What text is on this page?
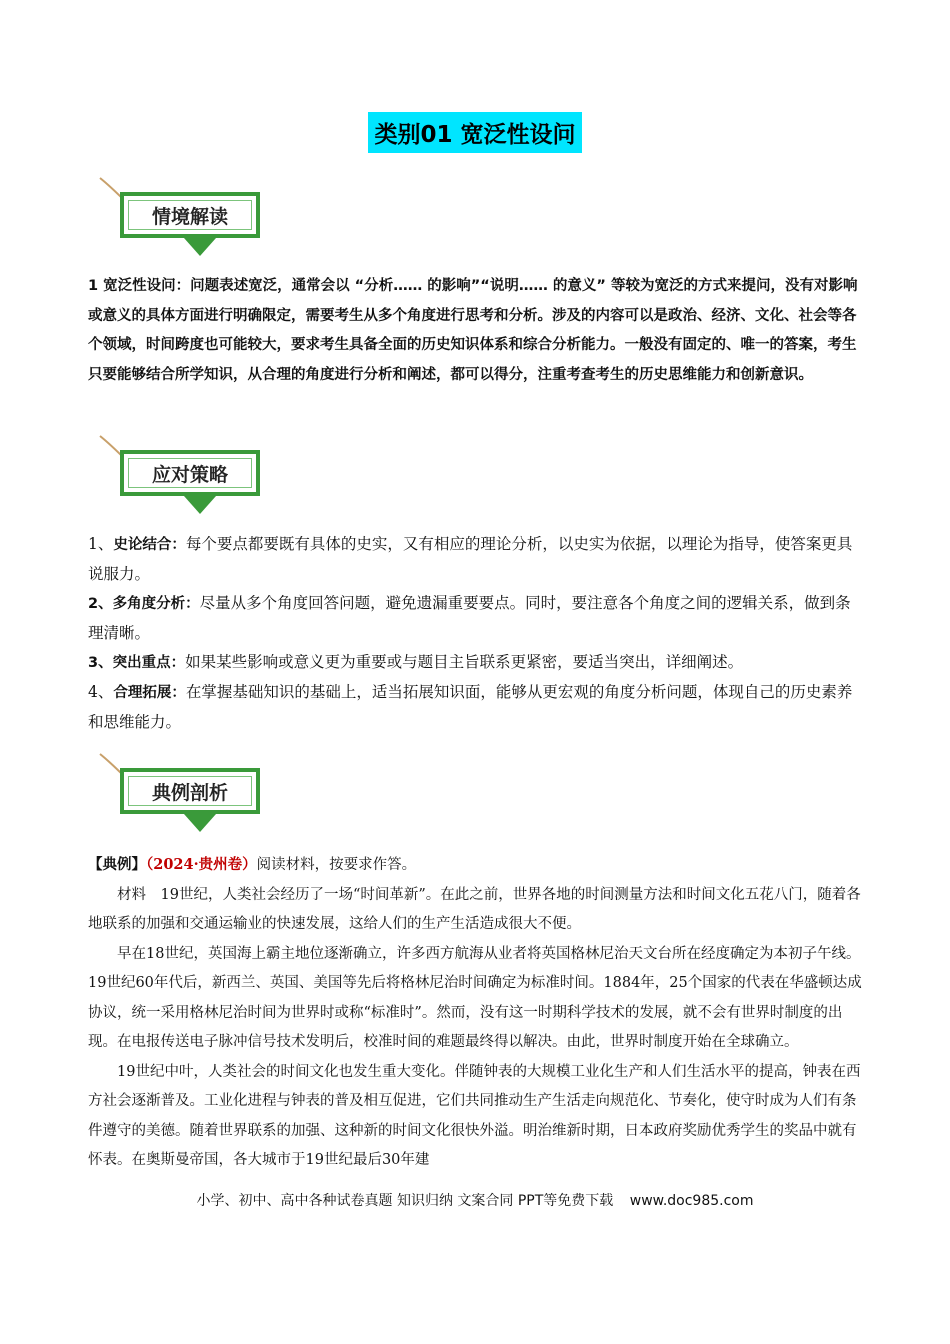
类别01 宽泛性设问
情境解读
1 宽泛性设问：问题表述宽泛，通常会以 “分析…… 的影响”“说明…… 的意义” 等较为宽泛的方式来提问，没有对影响或意义的具体方面进行明确限定，需要考生从多个角度进行思考和分析。涉及的内容可以是政治、经济、文化、社会等各个领域，时间跨度也可能较大，要求考生具备全面的历史知识体系和综合分析能力。一般没有固定的、唯一的答案，考生只要能够结合所学知识，从合理的角度进行分析和阐述，都可以得分，注重考查考生的历史思维能力和创新意识。
应对策略

1、史论结合：每个要点都要既有具体的史实，又有相应的理论分析，以史实为依据，以理论为指导，使答案更具说服力。

2、多角度分析：尽量从多个角度回答问题，避免遗漏重要要点。同时，要注意各个角度之间的逻辑关系，做到条理清晰。

3、突出重点：如果某些影响或意义更为重要或与题目主旨联系更紧密，要适当突出，详细阐述。

4、合理拓展：在掌握基础知识的基础上，适当拓展知识面，能够从更宏观的角度分析问题，体现自己的历史素养和思维能力。

典例剖析

【典例】（2024·贵州卷）阅读材料，按要求作答。

材料　19世纪，人类社会经历了一场“时间革新”。在此之前，世界各地的时间测量方法和时间文化五花八门，随着各地联系的加强和交通运输业的快速发展，这给人们的生产生活造成很大不便。

早在18世纪，英国海上霸主地位逐渐确立，许多西方航海从业者将英国格林尼治天文台所在经度确定为本初子午线。19世纪60年代后，新西兰、英国、美国等先后将格林尼治时间确定为标准时间。1884年，25个国家的代表在华盛顿达成协议，统一采用格林尼治时间为世界时或称“标准时”。然而，没有这一时期科学技术的发展，就不会有世界时制度的出现。在电报传送电子脉冲信号技术发明后，校准时间的难题最终得以解决。由此，世界时制度开始在全球确立。

19世纪中叶，人类社会的时间文化也发生重大变化。伴随钟表的大规模工业化生产和人们生活水平的提高，钟表在西方社会逐渐普及。工业化进程与钟表的普及相互促进，它们共同推动生产生活走向规范化、节奏化，使守时成为人们有条件遵守的美德。随着世界联系的加强、这种新的时间文化很快外溢。明治维新时期，日本政府奖励优秀学生的奖品中就有怀表。在奥斯曼帝国，各大城市于19世纪最后30年建

小学、初中、高中各种试卷真题 知识归纳 文案合同 PPT等免费下载 www.doc985.com
